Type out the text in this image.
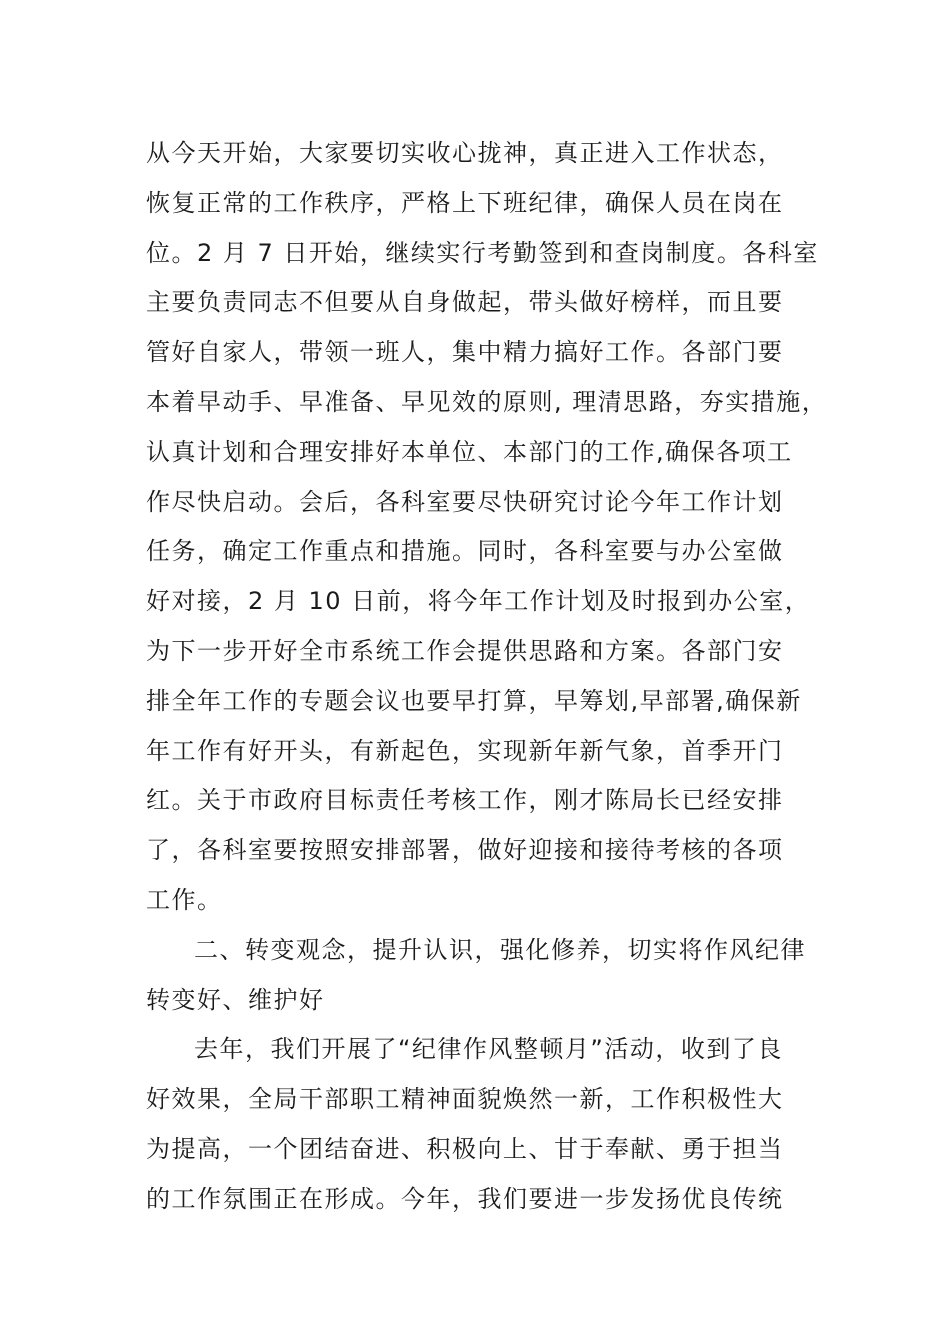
从今天开始，大家要切实收心拢神，真正进入工作状态，
恢复正常的工作秩序，严格上下班纪律，确保人员在岗在
位。2 月 7 日开始，继续实行考勤签到和查岗制度。各科室
主要负责同志不但要从自身做起，带头做好榜样，而且要
管好自家人，带领一班人，集中精力搞好工作。各部门要
本着早动手、早准备、早见效的原则, 理清思路，夯实措施，
认真计划和合理安排好本单位、本部门的工作,确保各项工
作尽快启动。会后，各科室要尽快研究讨论今年工作计划
任务，确定工作重点和措施。同时，各科室要与办公室做
好对接，2 月 10 日前，将今年工作计划及时报到办公室，
为下一步开好全市系统工作会提供思路和方案。各部门安
排全年工作的专题会议也要早打算，早筹划,早部署,确保新
年工作有好开头，有新起色，实现新年新气象，首季开门
红。关于市政府目标责任考核工作，刚才陈局长已经安排
了，各科室要按照安排部署，做好迎接和接待考核的各项
工作。
二、转变观念，提升认识，强化修养，切实将作风纪律
转变好、维护好
去年，我们开展了“纪律作风整顿月”活动，收到了良
好效果，全局干部职工精神面貌焕然一新，工作积极性大
为提高，一个团结奋进、积极向上、甘于奉献、勇于担当
的工作氛围正在形成。今年，我们要进一步发扬优良传统
